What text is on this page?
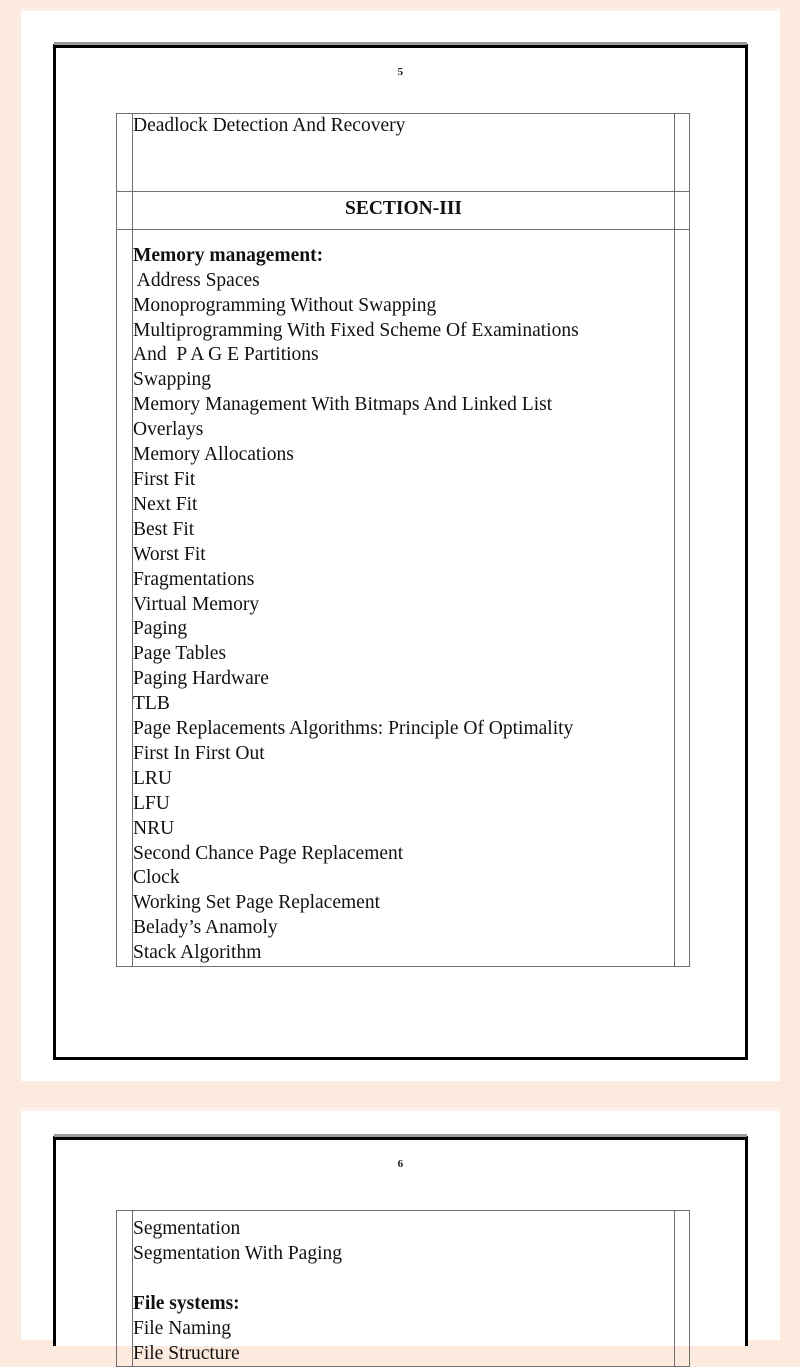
5

	Deadlock Detection And Recovery	

	SECTION-III	

Memory management:
Address Spaces
Monoprogramming Without Swapping
Multiprogramming With Fixed Scheme Of Examinations
And  P A G E Partitions
Swapping
Memory Management With Bitmaps And Linked List
Overlays
Memory Allocations
First Fit
Next Fit
Best Fit
Worst Fit
Fragmentations
Virtual Memory
Paging
Page Tables
Paging Hardware
TLB
Page Replacements Algorithms: Principle Of Optimality
First In First Out
LRU
LFU
NRU
Second Chance Page Replacement
Clock
Working Set Page Replacement
Belady’s Anamoly
Stack Algorithm

6

Segmentation
Segmentation With Paging

File systems:
File Naming
File Structure
